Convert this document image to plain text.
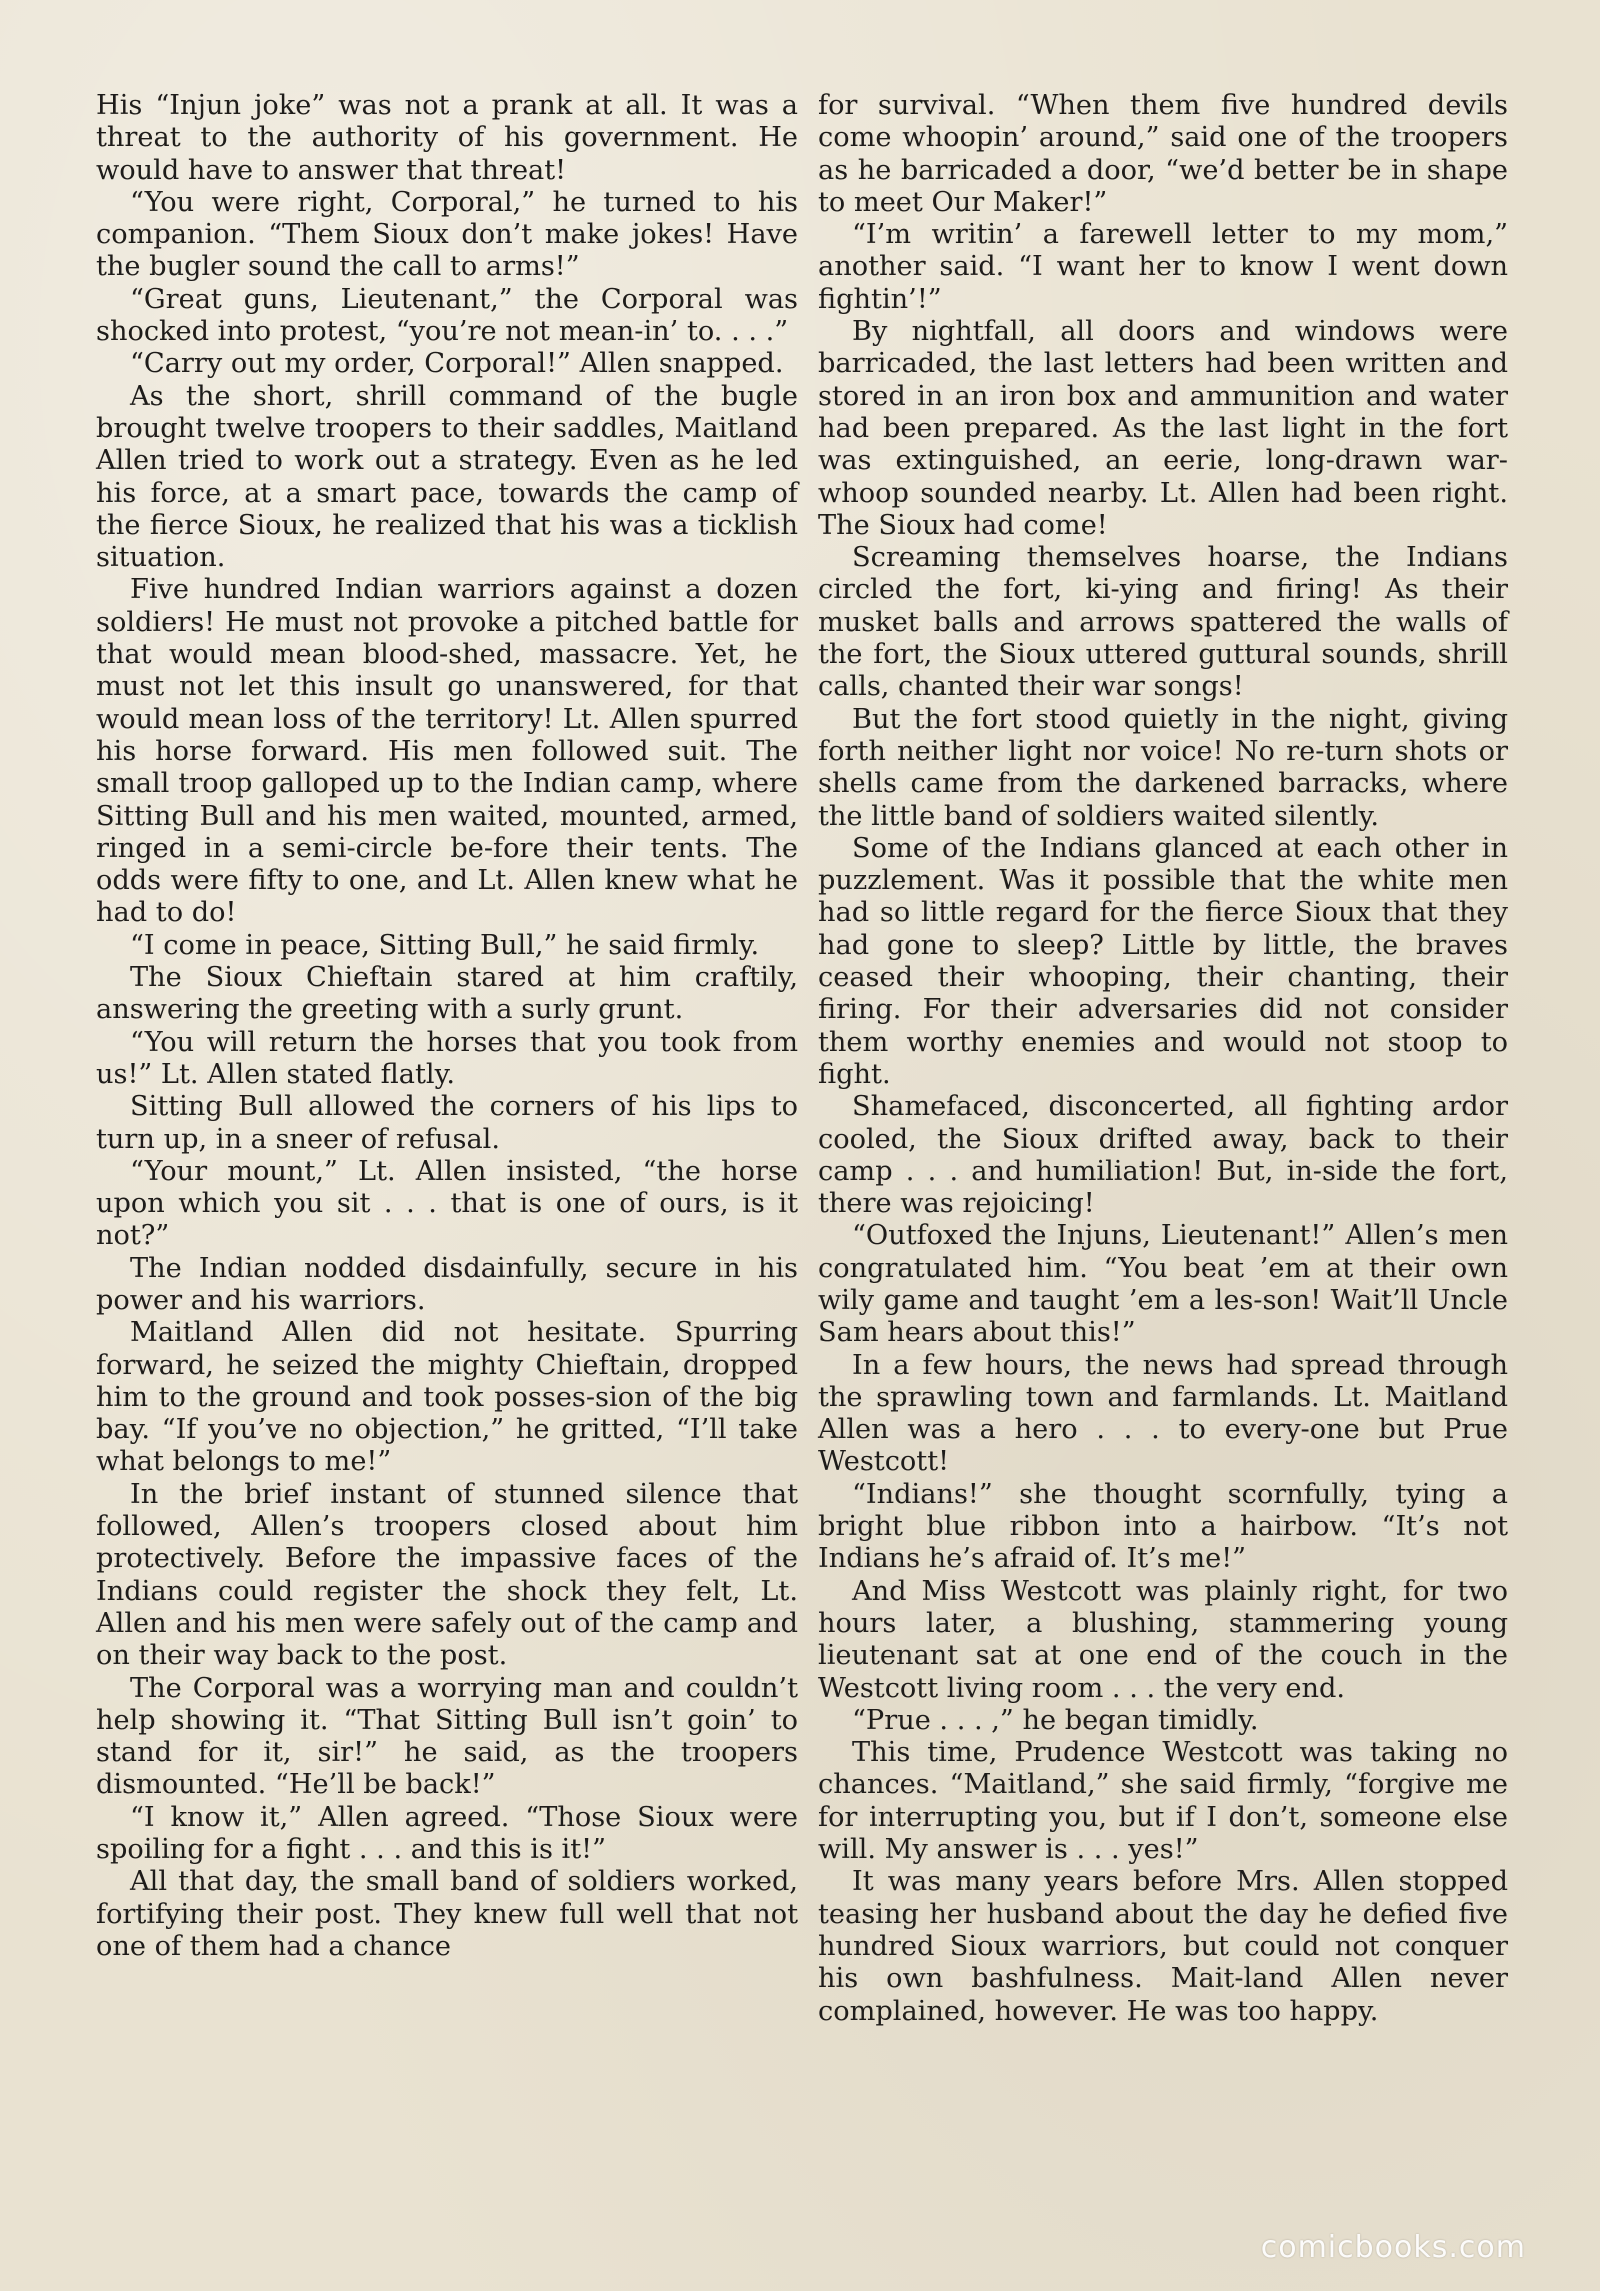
His “Injun joke” was not a prank at all. It was a threat to the authority of his government. He would have to answer that threat!

“You were right, Corporal,” he turned to his companion. “Them Sioux don’t make jokes! Have the bugler sound the call to arms!”

“Great guns, Lieutenant,” the Corporal was shocked into protest, “you’re not mean-in’ to. . . .”

“Carry out my order, Corporal!” Allen snapped.

As the short, shrill command of the bugle brought twelve troopers to their saddles, Maitland Allen tried to work out a strategy. Even as he led his force, at a smart pace, towards the camp of the fierce Sioux, he realized that his was a ticklish situation.

Five hundred Indian warriors against a dozen soldiers! He must not provoke a pitched battle for that would mean blood-shed, massacre. Yet, he must not let this insult go unanswered, for that would mean loss of the territory! Lt. Allen spurred his horse forward. His men followed suit. The small troop galloped up to the Indian camp, where Sitting Bull and his men waited, mounted, armed, ringed in a semi-circle be-fore their tents. The odds were fifty to one, and Lt. Allen knew what he had to do!

“I come in peace, Sitting Bull,” he said firmly.

The Sioux Chieftain stared at him craftily, answering the greeting with a surly grunt.

“You will return the horses that you took from us!” Lt. Allen stated flatly.

Sitting Bull allowed the corners of his lips to turn up, in a sneer of refusal.

“Your mount,” Lt. Allen insisted, “the horse upon which you sit . . . that is one of ours, is it not?”

The Indian nodded disdainfully, secure in his power and his warriors.

Maitland Allen did not hesitate. Spurring forward, he seized the mighty Chieftain, dropped him to the ground and took posses-sion of the big bay. “If you’ve no objection,” he gritted, “I’ll take what belongs to me!”

In the brief instant of stunned silence that followed, Allen’s troopers closed about him protectively. Before the impassive faces of the Indians could register the shock they felt, Lt. Allen and his men were safely out of the camp and on their way back to the post.

The Corporal was a worrying man and couldn’t help showing it. “That Sitting Bull isn’t goin’ to stand for it, sir!” he said, as the troopers dismounted. “He’ll be back!”

“I know it,” Allen agreed. “Those Sioux were spoiling for a fight . . . and this is it!”

All that day, the small band of soldiers worked, fortifying their post. They knew full well that not one of them had a chance

for survival. “When them five hundred devils come whoopin’ around,” said one of the troopers as he barricaded a door, “we’d better be in shape to meet Our Maker!”

“I’m writin’ a farewell letter to my mom,” another said. “I want her to know I went down fightin’!”

By nightfall, all doors and windows were barricaded, the last letters had been written and stored in an iron box and ammunition and water had been prepared. As the last light in the fort was extinguished, an eerie, long-drawn war-whoop sounded nearby. Lt. Allen had been right. The Sioux had come!

Screaming themselves hoarse, the Indians circled the fort, ki-ying and firing! As their musket balls and arrows spattered the walls of the fort, the Sioux uttered guttural sounds, shrill calls, chanted their war songs!

But the fort stood quietly in the night, giving forth neither light nor voice! No re-turn shots or shells came from the darkened barracks, where the little band of soldiers waited silently.

Some of the Indians glanced at each other in puzzlement. Was it possible that the white men had so little regard for the fierce Sioux that they had gone to sleep? Little by little, the braves ceased their whooping, their chanting, their firing. For their adversaries did not consider them worthy enemies and would not stoop to fight.

Shamefaced, disconcerted, all fighting ardor cooled, the Sioux drifted away, back to their camp . . . and humiliation! But, in-side the fort, there was rejoicing!

“Outfoxed the Injuns, Lieutenant!” Allen’s men congratulated him. “You beat ’em at their own wily game and taught ’em a les-son! Wait’ll Uncle Sam hears about this!”

In a few hours, the news had spread through the sprawling town and farmlands. Lt. Maitland Allen was a hero . . . to every-one but Prue Westcott!

“Indians!” she thought scornfully, tying a bright blue ribbon into a hairbow. “It’s not Indians he’s afraid of. It’s me!”

And Miss Westcott was plainly right, for two hours later, a blushing, stammering young lieutenant sat at one end of the couch in the Westcott living room . . . the very end.

“Prue . . . ,” he began timidly.

This time, Prudence Westcott was taking no chances. “Maitland,” she said firmly, “forgive me for interrupting you, but if I don’t, someone else will. My answer is . . . yes!”

It was many years before Mrs. Allen stopped teasing her husband about the day he defied five hundred Sioux warriors, but could not conquer his own bashfulness. Mait-land Allen never complained, however. He was too happy.

comicbooks.com
